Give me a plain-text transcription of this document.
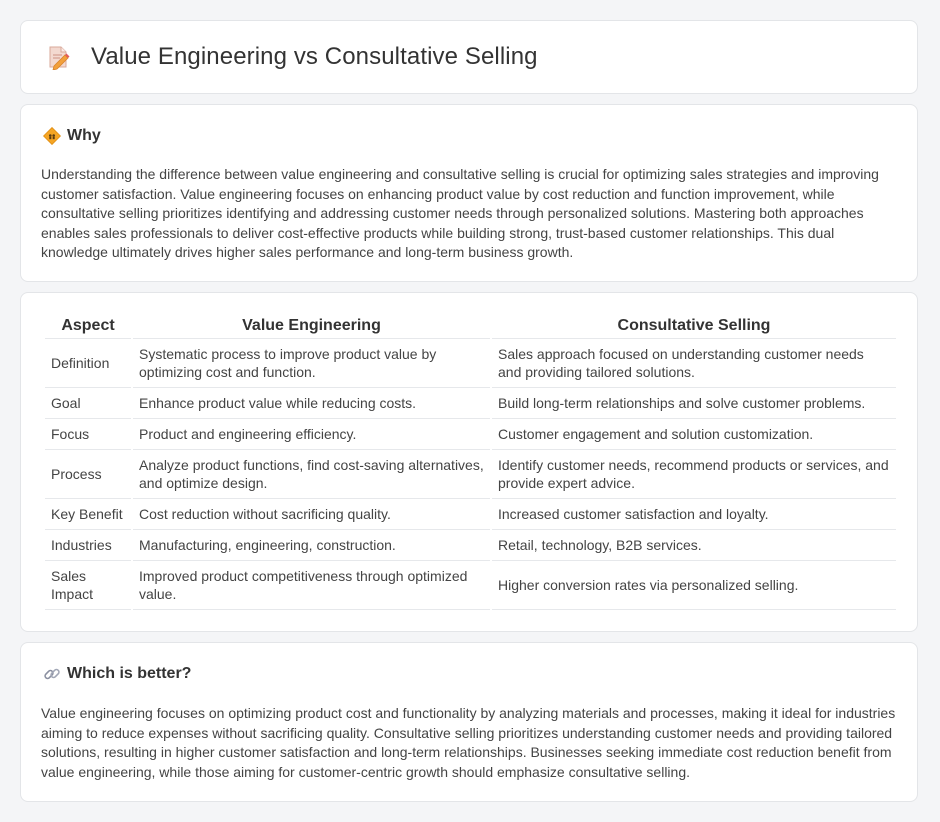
Value Engineering vs Consultative Selling
Why
Understanding the difference between value engineering and consultative selling is crucial for optimizing sales strategies and improving customer satisfaction. Value engineering focuses on enhancing product value by cost reduction and function improvement, while consultative selling prioritizes identifying and addressing customer needs through personalized solutions. Mastering both approaches enables sales professionals to deliver cost-effective products while building strong, trust-based customer relationships. This dual knowledge ultimately drives higher sales performance and long-term business growth.
Aspect	Value Engineering	Consultative Selling
Definition	Systematic process to improve product value by optimizing cost and function.	Sales approach focused on understanding customer needs and providing tailored solutions.
Goal	Enhance product value while reducing costs.	Build long-term relationships and solve customer problems.
Focus	Product and engineering efficiency.	Customer engagement and solution customization.
Process	Analyze product functions, find cost-saving alternatives, and optimize design.	Identify customer needs, recommend products or services, and provide expert advice.
Key Benefit	Cost reduction without sacrificing quality.	Increased customer satisfaction and loyalty.
Industries	Manufacturing, engineering, construction.	Retail, technology, B2B services.
Sales Impact	Improved product competitiveness through optimized value.	Higher conversion rates via personalized selling.
Which is better?
Value engineering focuses on optimizing product cost and functionality by analyzing materials and processes, making it ideal for industries aiming to reduce expenses without sacrificing quality. Consultative selling prioritizes understanding customer needs and providing tailored solutions, resulting in higher customer satisfaction and long-term relationships. Businesses seeking immediate cost reduction benefit from value engineering, while those aiming for customer-centric growth should emphasize consultative selling.
